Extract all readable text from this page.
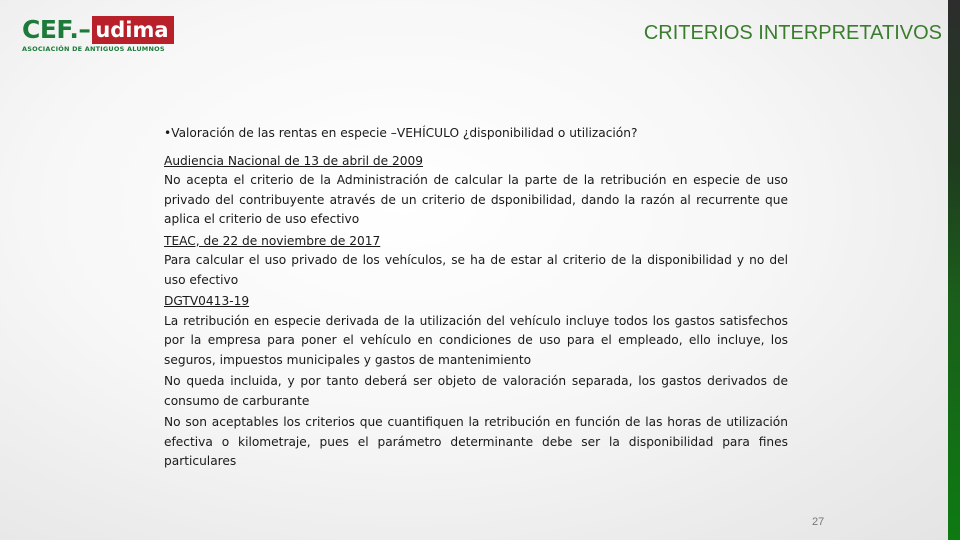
CEF.– udima
ASOCIACIÓN DE ANTIGUOS ALUMNOS
CRITERIOS INTERPRETATIVOS

•Valoración de las rentas en especie –VEHÍCULO ¿disponibilidad o utilización?

Audiencia Nacional de 13 de abril de 2009

No acepta el criterio de la Administración de calcular la parte de la retribución en especie de uso privado del contribuyente através de un criterio de dsponibilidad, dando la razón al recurrente que aplica el criterio de uso efectivo

TEAC, de 22 de noviembre de 2017

Para calcular el uso privado de los vehículos, se ha de estar al criterio de la disponibilidad y no del uso efectivo

DGTV0413-19

La retribución en especie derivada de la utilización del vehículo incluye todos los gastos satisfechos por la empresa para poner el vehículo en condiciones de uso para el empleado, ello incluye, los seguros, impuestos municipales y gastos de mantenimiento

No queda incluida, y por tanto deberá ser objeto de valoración separada, los gastos derivados de consumo de carburante

No son aceptables los criterios que cuantifiquen la retribución en función de las horas de utilización efectiva o kilometraje, pues el parámetro determinante debe ser la disponibilidad para fines particulares

27
